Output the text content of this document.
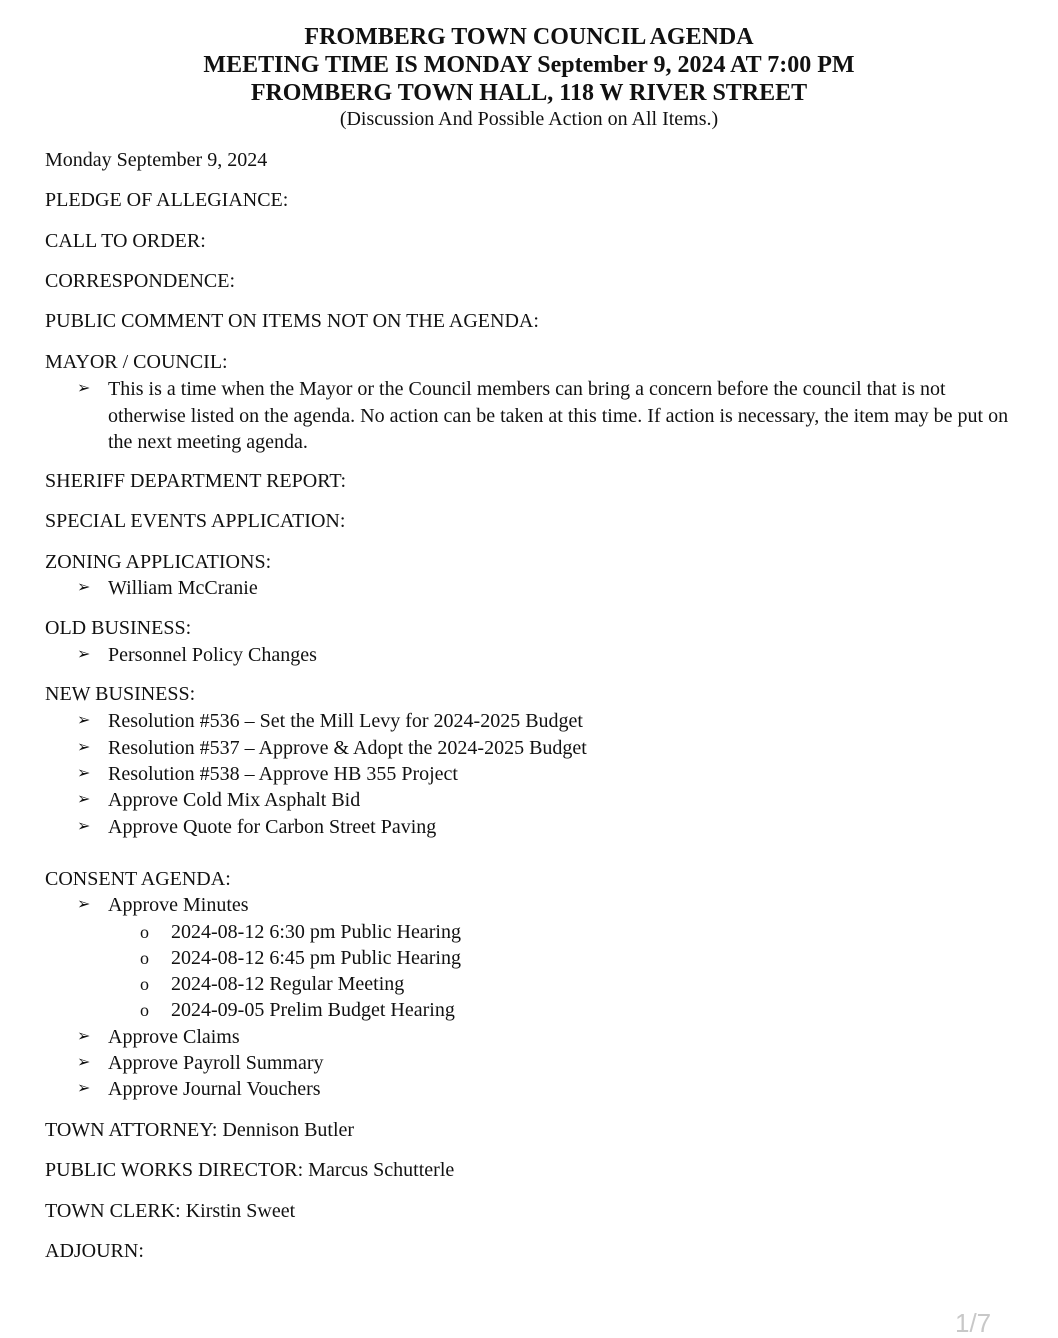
FROMBERG TOWN COUNCIL AGENDA
MEETING TIME IS MONDAY September 9, 2024 AT 7:00 PM
FROMBERG TOWN HALL, 118 W RIVER STREET
(Discussion And Possible Action on All Items.)
Monday September 9, 2024
PLEDGE OF ALLEGIANCE:
CALL TO ORDER:
CORRESPONDENCE:
PUBLIC COMMENT ON ITEMS NOT ON THE AGENDA:
MAYOR / COUNCIL:
➢ This is a time when the Mayor or the Council members can bring a concern before the council that is not otherwise listed on the agenda. No action can be taken at this time. If action is necessary, the item may be put on the next meeting agenda.
SHERIFF DEPARTMENT REPORT:
SPECIAL EVENTS APPLICATION:
ZONING APPLICATIONS:
➢ William McCranie
OLD BUSINESS:
➢ Personnel Policy Changes
NEW BUSINESS:
➢ Resolution #536 – Set the Mill Levy for 2024-2025 Budget
➢ Resolution #537 – Approve & Adopt the 2024-2025 Budget
➢ Resolution #538 – Approve HB 355 Project
➢ Approve Cold Mix Asphalt Bid
➢ Approve Quote for Carbon Street Paving
CONSENT AGENDA:
➢ Approve Minutes
o 2024-08-12 6:30 pm Public Hearing
o 2024-08-12 6:45 pm Public Hearing
o 2024-08-12 Regular Meeting
o 2024-09-05 Prelim Budget Hearing
➢ Approve Claims
➢ Approve Payroll Summary
➢ Approve Journal Vouchers
TOWN ATTORNEY: Dennison Butler
PUBLIC WORKS DIRECTOR: Marcus Schutterle
TOWN CLERK: Kirstin Sweet
ADJOURN:
1/7
